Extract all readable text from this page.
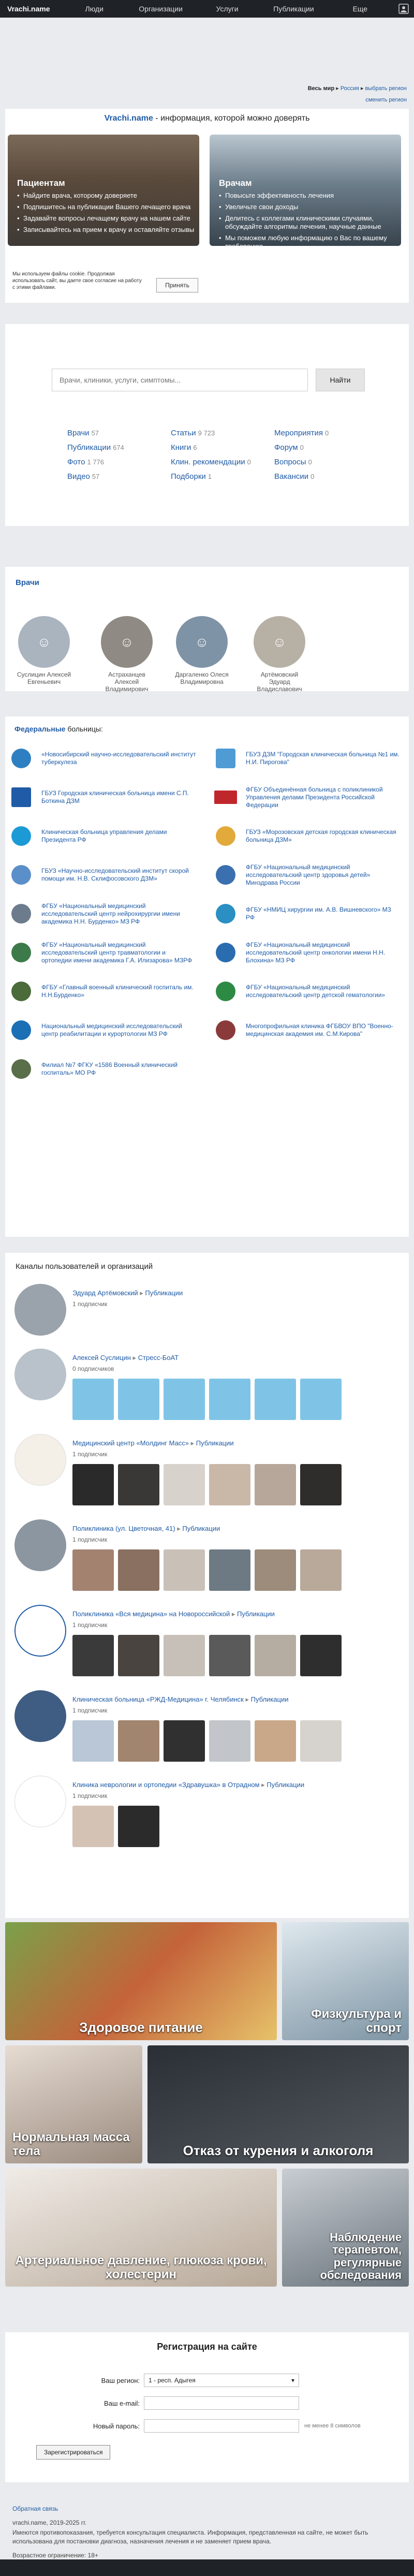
Vrachi.name	Люди	Организации	Услуги	Публикации	Еще
Весь мир ▸ Россия ▸ выбрать регион
сменить регион
Vrachi.name - информация, которой можно доверять
Пациентам
• Найдите врача, которому доверяете
• Подпишитесь на публикации Вашего лечащего врача
• Задавайте вопросы лечащему врачу на нашем сайте
• Записывайтесь на прием к врачу и оставляйте отзывы
Врачам
• Повысьте эффективность лечения
• Увеличьте свои доходы
• Делитесь с коллегами клиническими случаями, обсуждайте алгоритмы лечения, научные данные
• Мы поможем любую информацию о Вас по вашему требованию
Мы используем файлы cookie. Продолжая использовать сайт, вы даете свое согласие на работу с этими файлами.	Принять
Врачи, клиники, услуги, симптомы...
Найти
Врачи 57	Статьи 9 723	Мероприятия 0
Публикации 674	Книги 6	Форум 0
Фото 1 776	Клин. рекомендации 0	Вопросы 0
Видео 57	Подборки 1	Вакансии 0
Врачи
☺
Суслицин Алексей Евгеньевич
☺
Астраханцев Алексей Владимирович
☺
Даргаленко Олеся Владимировна
☺
Артёмовский Эдуард Владиславович
Федеральные больницы:
«Новосибирский научно-исследовательский институт туберкулеза
ГБУЗ ДЗМ "Городская клиническая больница №1 им. Н.И. Пирогова"
ГБУЗ Городская клиническая больница имени С.П. Боткина ДЗМ
ФГБУ Объединённая больница с поликлиникой Управления делами Президента Российской Федерации
Клиническая больница управления делами Президента РФ
ГБУЗ «Морозовская детская городская клиническая больница ДЗМ»
ГБУЗ «Научно-исследовательский институт скорой помощи им. Н.В. Склифосовского ДЗМ»
ФГБУ «Национальный медицинский исследовательский центр здоровья детей» Минздрава России
ФГБУ «Национальный медицинский исследовательский центр нейрохирургии имени академика Н.Н. Бурденко» МЗ РФ
ФГБУ «НМИЦ хирургии им. А.В. Вишневского» МЗ РФ
ФГБУ «Национальный медицинский исследовательский центр травматологии и ортопедии имени академика Г.А. Илизарова» МЗРФ
ФГБУ «Национальный медицинский исследовательский центр онкологии имени Н.Н. Блохина» МЗ РФ
ФГБУ «Главный военный клинический госпиталь им. Н.Н.Бурденко»
ФГБУ «Национальный медицинский исследовательский центр детской гематологии»
Национальный медицинский исследовательский центр реабилитации и курортологии МЗ РФ
Многопрофильная клиника ФГБВОУ ВПО "Военно-медицинская академия им. С.М.Кирова"
Филиал №7 ФГКУ «1586 Военный клинический госпиталь» МО РФ
Каналы пользователей и организаций
Эдуард Артёмовский ▸ Публикации
1 подписчик
Алексей Суслицин ▸ Стресс-БоАТ
0 подписчиков
Медицинский центр «Молдинг Масс» ▸ Публикации
1 подписчик
Поликлиника (ул. Цветочная, 41) ▸ Публикации
1 подписчик
Поликлиника «Вся медицина» на Новороссийской ▸ Публикации
1 подписчик
Клиническая больница «РЖД-Медицина» г. Челябинск ▸ Публикации
1 подписчик
Клиника неврологии и ортопедии «Здравушка» в Отрадном ▸ Публикации
1 подписчик
Здоровое питание
Физкультура и спорт
Нормальная масса тела	Отказ от курения и алкоголя
Артериальное давление, глюкоза крови, холестерин
Наблюдение терапевтом, регулярные обследования
Регистрация на сайте
Ваш регион: 1 - респ. Адыгея	▾
Ваш e-mail:
Новый пароль:	не менее 8 символов
Зарегистрироваться
Обратная связь
vrachi.name, 2019-2025 гг.
Имеются противопоказания, требуется консультация специалиста. Информация, представленная на сайте, не может быть использована для постановки диагноза, назначения лечения и не заменяет прием врача.
Возрастное ограничение: 18+
